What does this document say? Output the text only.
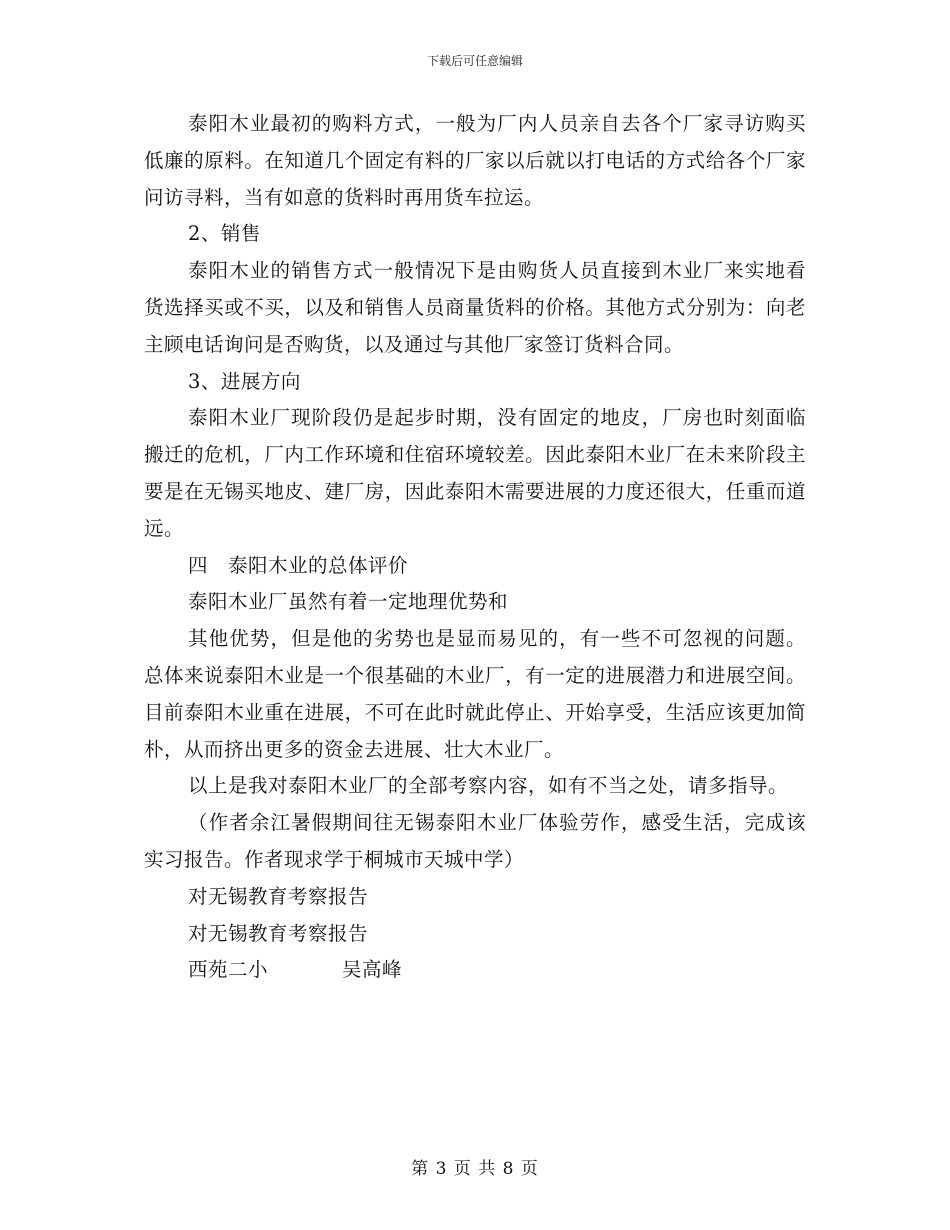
下载后可任意编辑

泰阳木业最初的购料方式，一般为厂内人员亲自去各个厂家寻访购买低廉的原料。在知道几个固定有料的厂家以后就以打电话的方式给各个厂家问访寻料，当有如意的货料时再用货车拉运。

2、销售

泰阳木业的销售方式一般情况下是由购货人员直接到木业厂来实地看货选择买或不买，以及和销售人员商量货料的价格。其他方式分别为：向老主顾电话询问是否购货，以及通过与其他厂家签订货料合同。

3、进展方向

泰阳木业厂现阶段仍是起步时期，没有固定的地皮，厂房也时刻面临搬迁的危机，厂内工作环境和住宿环境较差。因此泰阳木业厂在未来阶段主要是在无锡买地皮、建厂房，因此泰阳木需要进展的力度还很大，任重而道远。

四　泰阳木业的总体评价

泰阳木业厂虽然有着一定地理优势和

其他优势，但是他的劣势也是显而易见的，有一些不可忽视的问题。总体来说泰阳木业是一个很基础的木业厂，有一定的进展潜力和进展空间。目前泰阳木业重在进展，不可在此时就此停止、开始享受，生活应该更加简朴，从而挤出更多的资金去进展、壮大木业厂。

以上是我对泰阳木业厂的全部考察内容，如有不当之处，请多指导。

（作者余江暑假期间往无锡泰阳木业厂体验劳作，感受生活，完成该实习报告。作者现求学于桐城市天城中学）

对无锡教育考察报告

对无锡教育考察报告

西苑二小	吴高峰

第 3 页 共 8 页
